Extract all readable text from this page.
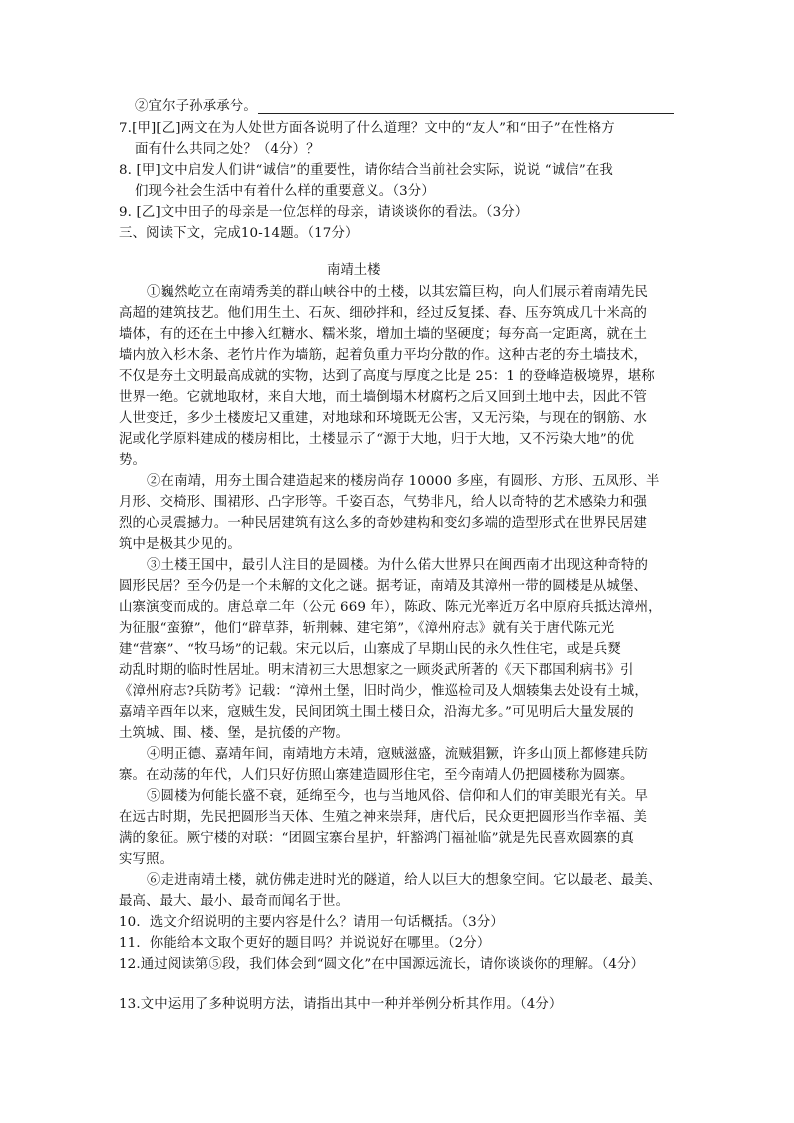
②宜尔子孙承承兮。
7.[甲][乙]两文在为人处世方面各说明了什么道理？文中的“友人”和“田子”在性格方
面有什么共同之处？（4分）？
8. [甲]文中启发人们讲“诚信”的重要性，请你结合当前社会实际，说说 “诚信”在我
们现今社会生活中有着什么样的重要意义。（3分）
9. [乙]文中田子的母亲是一位怎样的母亲，请谈谈你的看法。（3分）
三、阅读下文，完成10-14题。（17分）
南靖土楼
①巍然屹立在南靖秀美的群山峡谷中的土楼，以其宏篇巨构，向人们展示着南靖先民
高超的建筑技艺。他们用生土、石灰、细砂拌和，经过反复揉、舂、压夯筑成几十米高的
墙体，有的还在土中掺入红糖水、糯米浆，增加土墙的坚硬度；每夯高一定距离，就在土
墙内放入杉木条、老竹片作为墙筋，起着负重力平均分散的作。这种古老的夯土墙技术，
不仅是夯土文明最高成就的实物，达到了高度与厚度之比是 25：1 的登峰造极境界，堪称
世界一绝。它就地取材，来自大地，而土墙倒塌木材腐朽之后又回到土地中去，因此不管
人世变迁，多少土楼废圮又重建，对地球和环境既无公害，又无污染，与现在的钢筋、水
泥或化学原料建成的楼房相比，土楼显示了“源于大地，归于大地，又不污染大地”的优
势。
②在南靖，用夯土围合建造起来的楼房尚存 10000 多座，有圆形、方形、五凤形、半
月形、交椅形、围裙形、凸字形等。千姿百态，气势非凡，给人以奇特的艺术感染力和强
烈的心灵震撼力。一种民居建筑有这么多的奇妙建构和变幻多端的造型形式在世界民居建
筑中是极其少见的。
③土楼王国中，最引人注目的是圆楼。为什么偌大世界只在闽西南才出现这种奇特的
圆形民居？至今仍是一个未解的文化之谜。据考证，南靖及其漳州一带的圆楼是从城堡、
山寨演变而成的。唐总章二年（公元 669 年），陈政、陈元光率近万名中原府兵抵达漳州，
为征服“蛮獠”，他们“辟草莽，斩荆棘、建宅第”，《漳州府志》就有关于唐代陈元光
建“营寨”、“牧马场”的记载。宋元以后，山寨成了早期山民的永久性住宅，或是兵燹
动乱时期的临时性居址。明末清初三大思想家之一顾炎武所著的《天下郡国利病书》引
《漳州府志?兵防考》记载：“漳州土堡，旧时尚少，惟巡检司及人烟辏集去处设有土城，
嘉靖辛酉年以来，寇贼生发，民间团筑土围土楼日众，沿海尤多。”可见明后大量发展的
土筑城、围、楼、堡，是抗倭的产物。
④明正德、嘉靖年间，南靖地方未靖，寇贼滋盛，流贼猖獗，许多山顶上都修建兵防
寨。在动荡的年代，人们只好仿照山寨建造圆形住宅，至今南靖人仍把圆楼称为圆寨。
⑤圆楼为何能长盛不衰，延绵至今，也与当地风俗、信仰和人们的审美眼光有关。早
在远古时期，先民把圆形当天体、生殖之神来崇拜，唐代后，民众更把圆形当作幸福、美
满的象征。厥宁楼的对联：“团圆宝寨台星护，轩豁鸿门福祉临”就是先民喜欢圆寨的真
实写照。
⑥走进南靖土楼，就仿佛走进时光的隧道，给人以巨大的想象空间。它以最老、最美、
最高、最大、最小、最奇而闻名于世。
10．选文介绍说明的主要内容是什么？请用一句话概括。（3分）
11．你能给本文取个更好的题目吗？并说说好在哪里。（2分）
12.通过阅读第⑤段，我们体会到“圆文化”在中国源远流长，请你谈谈你的理解。（4分）
13.文中运用了多种说明方法，请指出其中一种并举例分析其作用。（4分）
